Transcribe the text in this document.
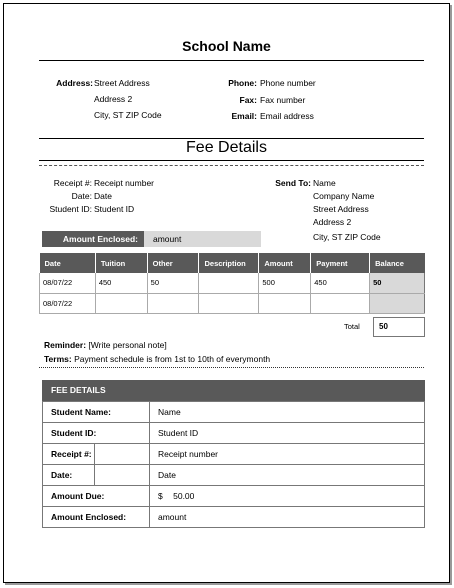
School Name
Address: Street Address
Address 2
City, ST ZIP Code
Phone: Phone number
Fax: Fax number
Email: Email address
Fee Details
Receipt #: Receipt number
Date: Date
Student ID: Student ID
Send To: Name
Company Name
Street Address
Address 2
City, ST ZIP Code
Amount Enclosed:	amount
Date	Tuition	Other	Description	Amount	Payment	Balance
08/07/22	450	50		500	450	50
08/07/22						
Total	50
Reminder: [Write personal note]
Terms: Payment schedule is from 1st to 10th of everymonth
FEE DETAILS
Student Name:	Name
Student ID:	Student ID
Receipt #:	Receipt number
Date:	Date
Amount Due:	$ 50.00
Amount Enclosed:	amount
